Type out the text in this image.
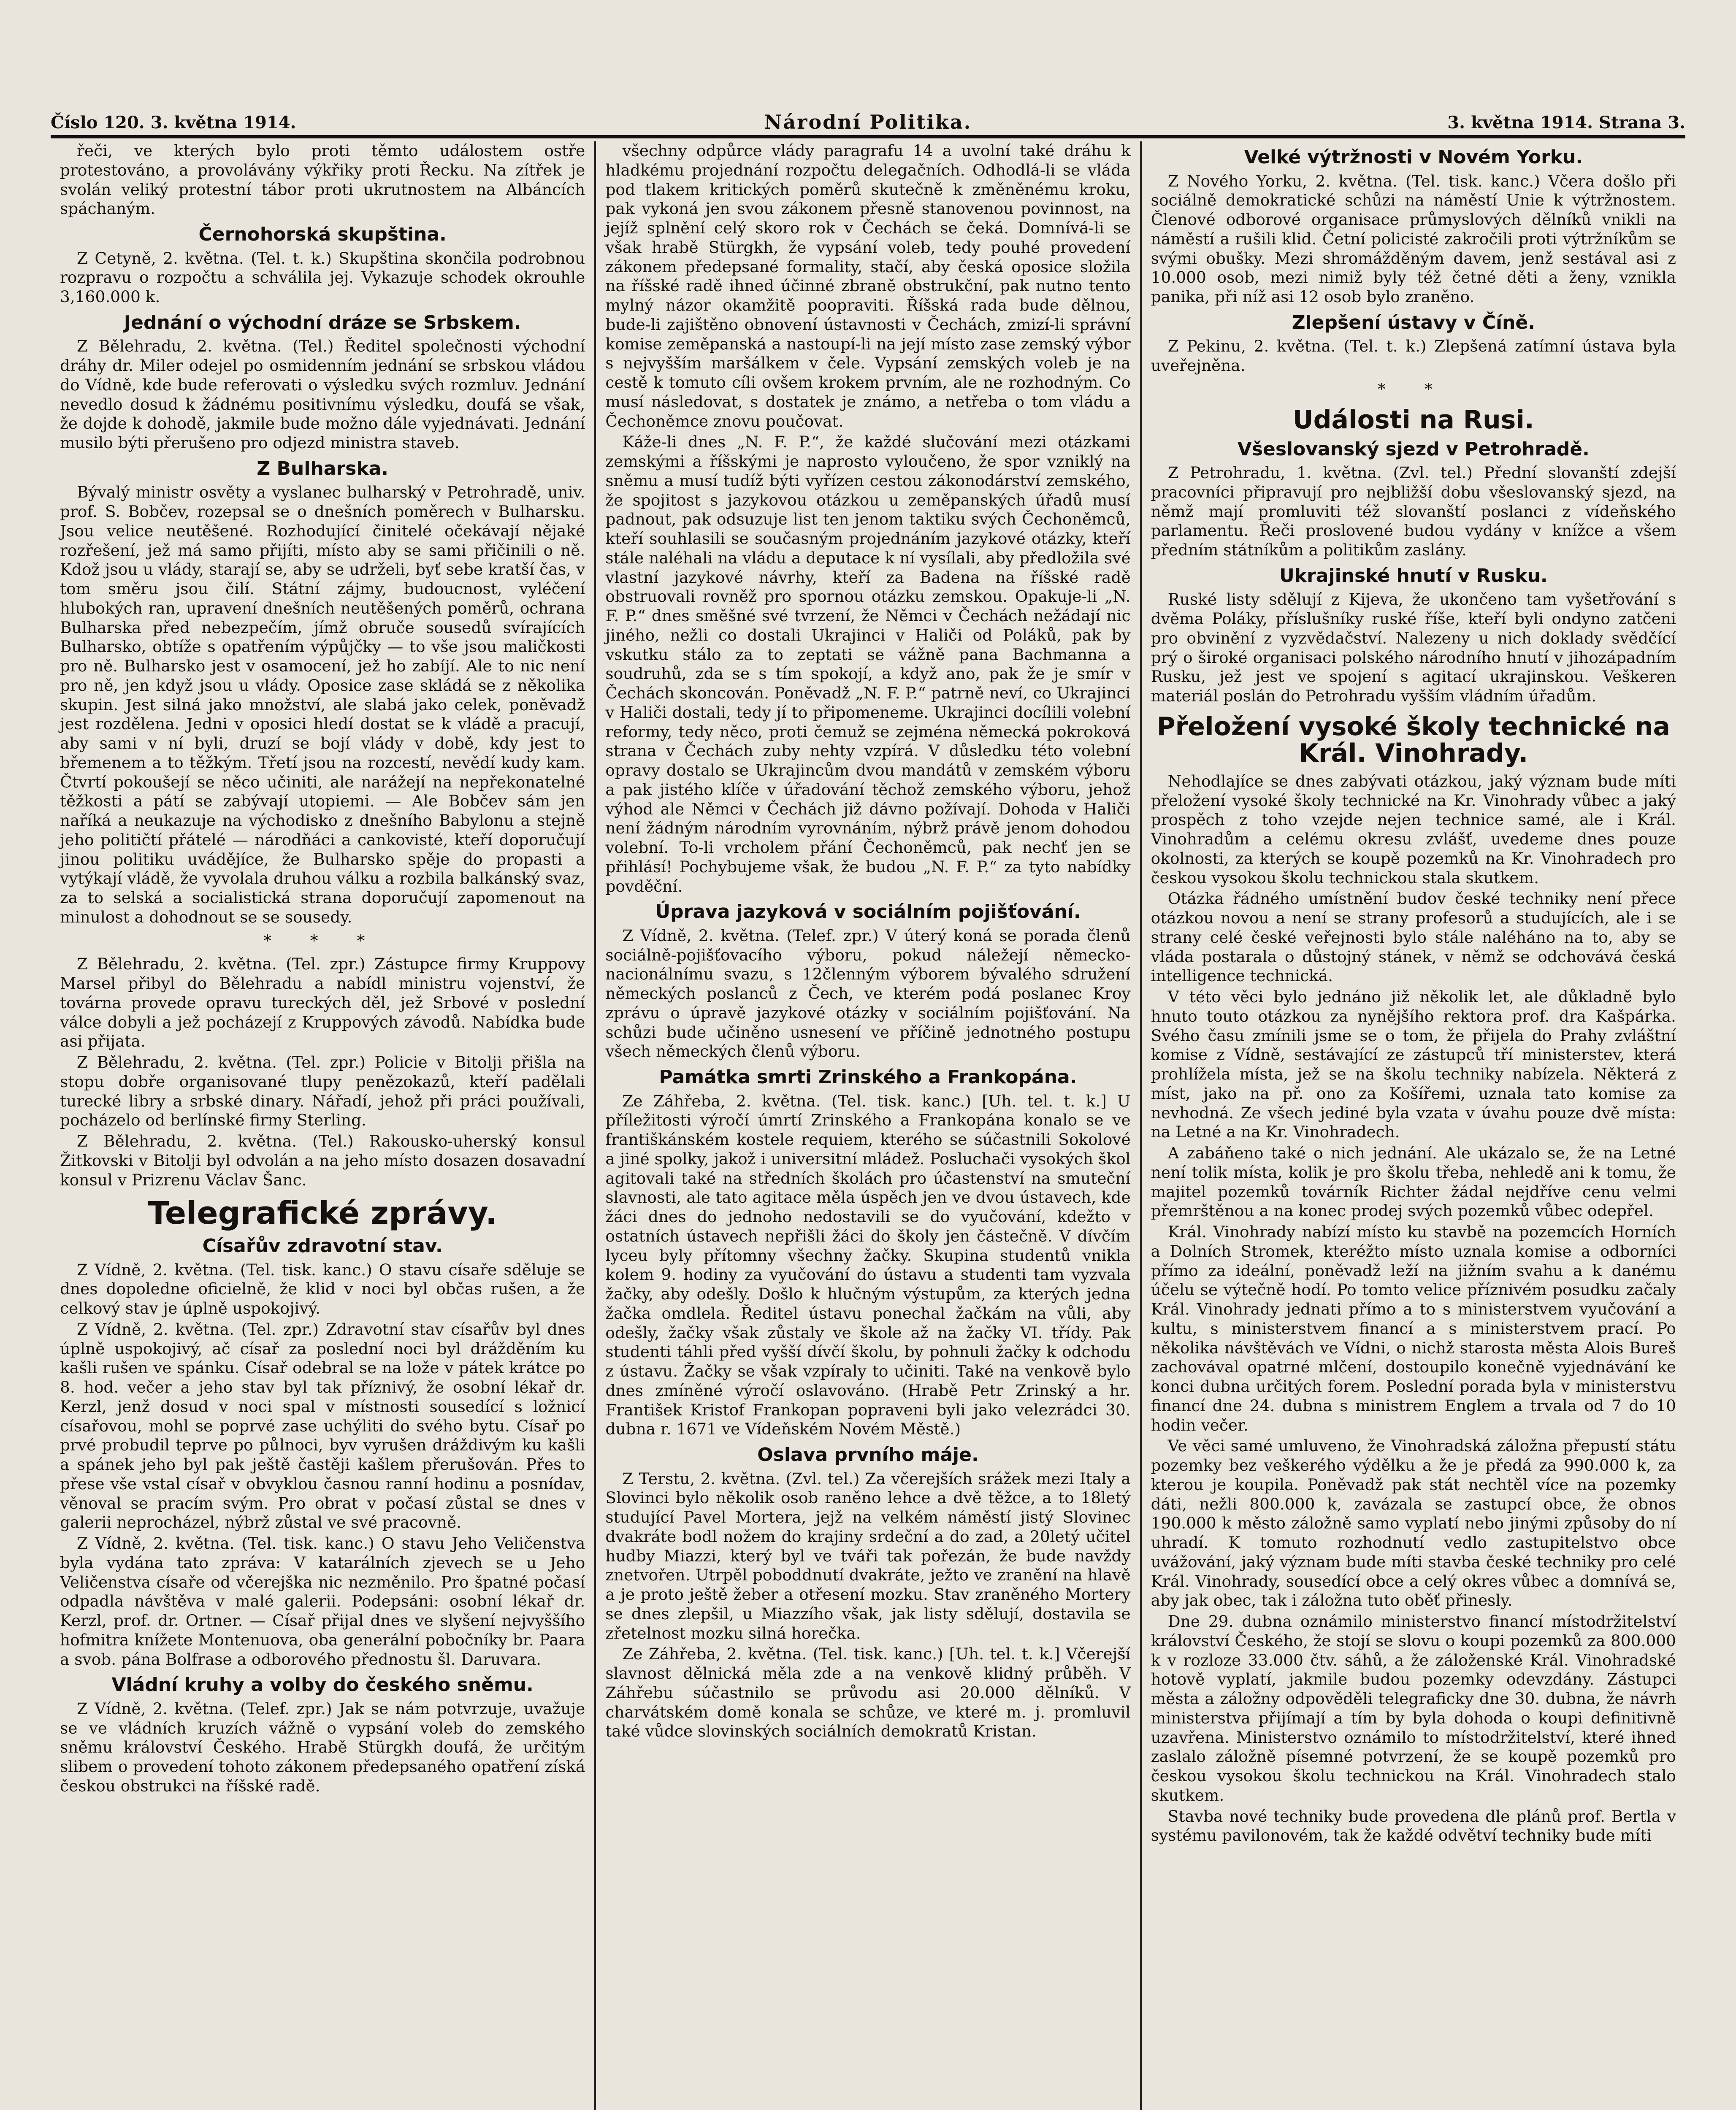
Číslo 120. 3. května 1914.	Národní Politika.	3. května 1914. Strana 3.

řeči, ve kterých bylo proti těmto událostem ostře protestováno, a provolávány výkřiky proti Řecku. Na zítřek je svolán veliký protestní tábor proti ukrutnostem na Albáncích spáchaným.

Černohorská skupština.

Z Cetyně, 2. května. (Tel. t. k.) Skupština skončila podrobnou rozpravu o rozpočtu a schválila jej. Vykazuje schodek okrouhle 3,160.000 k.

Jednání o východní dráze se Srbskem.

Z Bělehradu, 2. května. (Tel.) Ředitel společnosti východní dráhy dr. Miler odejel po osmidenním jednání se srbskou vládou do Vídně, kde bude referovati o výsledku svých rozmluv. Jednání nevedlo dosud k žádnému positivnímu výsledku, doufá se však, že dojde k dohodě, jakmile bude možno dále vyjednávati. Jednání musilo býti přerušeno pro odjezd ministra staveb.

Z Bulharska.

Bývalý ministr osvěty a vyslanec bulharský v Petrohradě, univ. prof. S. Bobčev, rozepsal se o dnešních poměrech v Bulharsku. Jsou velice neutěšené. Rozhodující činitelé očekávají nějaké rozřešení, jež má samo přijíti, místo aby se sami přičinili o ně. Kdož jsou u vlády, starají se, aby se udrželi, byť sebe kratší čas, v tom směru jsou čilí. Státní zájmy, budoucnost, vyléčení hlubokých ran, upravení dnešních neutěšených poměrů, ochrana Bulharska před nebezpečím, jímž obruče sousedů svírajících Bulharsko, obtíže s opatřením výpůjčky — to vše jsou maličkosti pro ně. Bulharsko jest v osamocení, jež ho zabíjí. Ale to nic není pro ně, jen když jsou u vlády. Oposice zase skládá se z několika skupin. Jest silná jako množství, ale slabá jako celek, poněvadž jest rozdělena. Jedni v oposici hledí dostat se k vládě a pracují, aby sami v ní byli, druzí se bojí vlády v době, kdy jest to břemenem a to těžkým. Třetí jsou na rozcestí, nevědí kudy kam. Čtvrtí pokoušejí se něco učiniti, ale narážejí na nepřekonatelné těžkosti a pátí se zabývají utopiemi. — Ale Bobčev sám jen naříká a neukazuje na východisko z dnešního Babylonu a stejně jeho političtí přátelé — národňáci a cankovisté, kteří doporučují jinou politiku uvádějíce, že Bulharsko spěje do propasti a vytýkají vládě, že vyvolala druhou válku a rozbila balkánský svaz, za to selská a socialistická strana doporučují zapomenout na minulost a dohodnout se se sousedy.

* * *

Z Bělehradu, 2. května. (Tel. zpr.) Zástupce firmy Kruppovy Marsel přibyl do Bělehradu a nabídl ministru vojenství, že továrna provede opravu tureckých děl, jež Srbové v poslední válce dobyli a jež pocházejí z Kruppových závodů. Nabídka bude asi přijata.

Z Bělehradu, 2. května. (Tel. zpr.) Policie v Bitolji přišla na stopu dobře organisované tlupy penězokazů, kteří padělali turecké libry a srbské dinary. Nářadí, jehož při práci používali, pocházelo od berlínské firmy Sterling.

Z Bělehradu, 2. května. (Tel.) Rakousko-uherský konsul Žitkovski v Bitolji byl odvolán a na jeho místo dosazen dosavadní konsul v Prizrenu Václav Šanc.

Telegrafické zprávy.
Císařův zdravotní stav.

Z Vídně, 2. května. (Tel. tisk. kanc.) O stavu císaře sděluje se dnes dopoledne oficielně, že klid v noci byl občas rušen, a že celkový stav je úplně uspokojivý.

Z Vídně, 2. května. (Tel. zpr.) Zdravotní stav císařův byl dnes úplně uspokojivý, ač císař za poslední noci byl drážděním ku kašli rušen ve spánku. Císař odebral se na lože v pátek krátce po 8. hod. večer a jeho stav byl tak příznivý, že osobní lékař dr. Kerzl, jenž dosud v noci spal v místnosti sousedící s ložnicí císařovou, mohl se poprvé zase uchýliti do svého bytu. Císař po prvé probudil teprve po půlnoci, byv vyrušen dráždivým ku kašli a spánek jeho byl pak ještě častěji kašlem přerušován. Přes to přese vše vstal císař v obvyklou časnou ranní hodinu a posnídav, věnoval se pracím svým. Pro obrat v počasí zůstal se dnes v galerii neprocházel, nýbrž zůstal ve své pracovně.

Z Vídně, 2. května. (Tel. tisk. kanc.) O stavu Jeho Veličenstva byla vydána tato zpráva: V katarálních zjevech se u Jeho Veličenstva císaře od včerejška nic nezměnilo. Pro špatné počasí odpadla návštěva v malé galerii. Podepsáni: osobní lékař dr. Kerzl, prof. dr. Ortner. — Císař přijal dnes ve slyšení nejvyššího hofmitra knížete Montenuova, oba generální pobočníky br. Paara a svob. pána Bolfrase a odborového přednostu šl. Daruvara.

Vládní kruhy a volby do českého sněmu.

Z Vídně, 2. května. (Telef. zpr.) Jak se nám potvrzuje, uvažuje se ve vládních kruzích vážně o vypsání voleb do zemského sněmu království Českého. Hrabě Stürgkh doufá, že určitým slibem o provedení tohoto zákonem předepsaného opatření získá českou obstrukci na říšské radě.

všechny odpůrce vlády paragrafu 14 a uvolní také dráhu k hladkému projednání rozpočtu delegačních. Odhodlá-li se vláda pod tlakem kritických poměrů skutečně k změněnému kroku, pak vykoná jen svou zákonem přesně stanovenou povinnost, na jejíž splnění celý skoro rok v Čechách se čeká. Domnívá-li se však hrabě Stürgkh, že vypsání voleb, tedy pouhé provedení zákonem předepsané formality, stačí, aby česká oposice složila na říšské radě ihned účinné zbraně obstrukční, pak nutno tento mylný názor okamžitě poopraviti. Říšská rada bude dělnou, bude-li zajištěno obnovení ústavnosti v Čechách, zmizí-li správní komise zeměpanská a nastoupí-li na její místo zase zemský výbor s nejvyšším maršálkem v čele. Vypsání zemských voleb je na cestě k tomuto cíli ovšem krokem prvním, ale ne rozhodným. Co musí následovat, s dostatek je známo, a netřeba o tom vládu a Čechoněmce znovu poučovat.

Káže-li dnes „N. F. P.“, že každé slučování mezi otázkami zemskými a říšskými je naprosto vyloučeno, že spor vzniklý na sněmu a musí tudíž býti vyřízen cestou zákonodárství zemského, že spojitost s jazykovou otázkou u zeměpanských úřadů musí padnout, pak odsuzuje list ten jenom taktiku svých Čechoněmců, kteří souhlasili se současným projednáním jazykové otázky, kteří stále naléhali na vládu a deputace k ní vysílali, aby předložila své vlastní jazykové návrhy, kteří za Badena na říšské radě obstruovali rovněž pro spornou otázku zemskou. Opakuje-li „N. F. P.“ dnes směšné své tvrzení, že Němci v Čechách nežádají nic jiného, nežli co dostali Ukrajinci v Haliči od Poláků, pak by vskutku stálo za to zeptati se vážně pana Bachmanna a soudruhů, zda se s tím spokojí, a když ano, pak že je smír v Čechách skoncován. Poněvadž „N. F. P.“ patrně neví, co Ukrajinci v Haliči dostali, tedy jí to připomeneme. Ukrajinci docílili volební reformy, tedy něco, proti čemuž se zejména německá pokroková strana v Čechách zuby nehty vzpírá. V důsledku této volební opravy dostalo se Ukrajincům dvou mandátů v zemském výboru a pak jistého klíče v úřadování těchož zemského výboru, jehož výhod ale Němci v Čechách již dávno požívají. Dohoda v Haliči není žádným národním vyrovnáním, nýbrž právě jenom dohodou volební. To-li vrcholem přání Čechoněmců, pak nechť jen se přihlásí! Pochybujeme však, že budou „N. F. P.“ za tyto nabídky povděční.

Úprava jazyková v sociálním pojišťování.

Z Vídně, 2. května. (Telef. zpr.) V úterý koná se porada členů sociálně-pojišťovacího výboru, pokud náležejí německo-nacionálnímu svazu, s 12členným výborem bývalého sdružení německých poslanců z Čech, ve kterém podá poslanec Kroy zprávu o úpravě jazykové otázky v sociálním pojišťování. Na schůzi bude učiněno usnesení ve příčině jednotného postupu všech německých členů výboru.

Památka smrti Zrinského a Frankopána.

Ze Záhřeba, 2. května. (Tel. tisk. kanc.) [Uh. tel. t. k.] U příležitosti výročí úmrtí Zrinského a Frankopána konalo se ve františkánském kostele requiem, kterého se súčastnili Sokolové a jiné spolky, jakož i universitní mládež. Posluchači vysokých škol agitovali také na středních školách pro účastenství na smuteční slavnosti, ale tato agitace měla úspěch jen ve dvou ústavech, kde žáci dnes do jednoho nedostavili se do vyučování, kdežto v ostatních ústavech nepřišli žáci do školy jen částečně. V dívčím lyceu byly přítomny všechny žačky. Skupina studentů vnikla kolem 9. hodiny za vyučování do ústavu a studenti tam vyzvala žačky, aby odešly. Došlo k hlučným výstupům, za kterých jedna žačka omdlela. Ředitel ústavu ponechal žačkám na vůli, aby odešly, žačky však zůstaly ve škole až na žačky VI. třídy. Pak studenti táhli před vyšší dívčí školu, by pohnuli žačky k odchodu z ústavu. Žačky se však vzpíraly to učiniti. Také na venkově bylo dnes zmíněné výročí oslavováno. (Hrabě Petr Zrinský a hr. František Kristof Frankopan popraveni byli jako velezrádci 30. dubna r. 1671 ve Vídeňském Novém Městě.)

Oslava prvního máje.

Z Terstu, 2. května. (Zvl. tel.) Za včerejších srážek mezi Italy a Slovinci bylo několik osob raněno lehce a dvě těžce, a to 18letý studující Pavel Mortera, jejž na velkém náměstí jistý Slovinec dvakráte bodl nožem do krajiny srdeční a do zad, a 20letý učitel hudby Miazzi, který byl ve tváři tak pořezán, že bude navždy znetvořen. Utrpěl poboddnutí dvakráte, ježto ve zranění na hlavě a je proto ještě žeber a otřesení mozku. Stav zraněného Mortery se dnes zlepšil, u Miazzího však, jak listy sdělují, dostavila se zřetelnost mozku silná horečka.

Ze Záhřeba, 2. května. (Tel. tisk. kanc.) [Uh. tel. t. k.] Včerejší slavnost dělnická měla zde a na venkově klidný průběh. V Záhřebu súčastnilo se průvodu asi 20.000 dělníků. V charvátském domě konala se schůze, ve které m. j. promluvil také vůdce slovinských sociálních demokratů Kristan.

Velké výtržnosti v Novém Yorku.

Z Nového Yorku, 2. května. (Tel. tisk. kanc.) Včera došlo při sociálně demokratické schůzi na náměstí Unie k výtržnostem. Členové odborové organisace průmyslových dělníků vnikli na náměstí a rušili klid. Četní policisté zakročili proti výtržníkům se svými obušky. Mezi shromážděným davem, jenž sestával asi z 10.000 osob, mezi nimiž byly též četné děti a ženy, vznikla panika, při níž asi 12 osob bylo zraněno.

Zlepšení ústavy v Číně.

Z Pekinu, 2. května. (Tel. t. k.) Zlepšená zatímní ústava byla uveřejněna.

* *
Události na Rusi.
Všeslovanský sjezd v Petrohradě.

Z Petrohradu, 1. května. (Zvl. tel.) Přední slovanští zdejší pracovníci připravují pro nejbližší dobu všeslovanský sjezd, na němž mají promluviti též slovanští poslanci z vídeňského parlamentu. Řeči proslovené budou vydány v knížce a všem předním státníkům a politikům zaslány.

Ukrajinské hnutí v Rusku.

Ruské listy sdělují z Kijeva, že ukončeno tam vyšetřování s dvěma Poláky, příslušníky ruské říše, kteří byli ondyno zatčeni pro obvinění z vyzvědačství. Nalezeny u nich doklady svědčící prý o široké organisaci polského národního hnutí v jihozápadním Rusku, jež jest ve spojení s agitací ukrajinskou. Veškeren materiál poslán do Petrohradu vyšším vládním úřadům.

Přeložení vysoké školy technické na Král. Vinohrady.

Nehodlajíce se dnes zabývati otázkou, jaký význam bude míti přeložení vysoké školy technické na Kr. Vinohrady vůbec a jaký prospěch z toho vzejde nejen technice samé, ale i Král. Vinohradům a celému okresu zvlášť, uvedeme dnes pouze okolnosti, za kterých se koupě pozemků na Kr. Vinohradech pro českou vysokou školu technickou stala skutkem.

Otázka řádného umístnění budov české techniky není přece otázkou novou a není se strany profesorů a studujících, ale i se strany celé české veřejnosti bylo stále naléháno na to, aby se vláda postarala o důstojný stánek, v němž se odchovává česká intelligence technická.

V této věci bylo jednáno již několik let, ale důkladně bylo hnuto touto otázkou za nynějšího rektora prof. dra Kašpárka. Svého času zmínili jsme se o tom, že přijela do Prahy zvláštní komise z Vídně, sestávající ze zástupců tří ministerstev, která prohlížela místa, jež se na školu techniky nabízela. Některá z míst, jako na př. ono za Košířemi, uznala tato komise za nevhodná. Ze všech jediné byla vzata v úvahu pouze dvě místa: na Letné a na Kr. Vinohradech.

A zabáňeno také o nich jednání. Ale ukázalo se, že na Letné není tolik místa, kolik je pro školu třeba, nehledě ani k tomu, že majitel pozemků továrník Richter žádal nejdříve cenu velmi přemrštěnou a na konec prodej svých pozemků vůbec odepřel.

Král. Vinohrady nabízí místo ku stavbě na pozemcích Horních a Dolních Stromek, kteréžto místo uznala komise a odborníci přímo za ideální, poněvadž leží na jižním svahu a k danému účelu se výtečně hodí. Po tomto velice příznivém posudku začaly Král. Vinohrady jednati přímo a to s ministerstvem vyučování a kultu, s ministerstvem financí a s ministerstvem prací. Po několika návštěvách ve Vídni, o nichž starosta města Alois Bureš zachovával opatrné mlčení, dostoupilo konečně vyjednávání ke konci dubna určitých forem. Poslední porada byla v ministerstvu financí dne 24. dubna s ministrem Englem a trvala od 7 do 10 hodin večer.

Ve věci samé umluveno, že Vinohradská záložna přepustí státu pozemky bez veškerého výdělku a že je předá za 990.000 k, za kterou je koupila. Poněvadž pak stát nechtěl více na pozemky dáti, nežli 800.000 k, zavázala se zastupcí obce, že obnos 190.000 k město záložně samo vyplatí nebo jinými způsoby do ní uhradí. K tomuto rozhodnutí vedlo zastupitelstvo obce uvážování, jaký význam bude míti stavba české techniky pro celé Král. Vinohrady, sousedící obce a celý okres vůbec a domnívá se, aby jak obec, tak i záložna tuto oběť přinesly.

Dne 29. dubna oznámilo ministerstvo financí místodržitelství království Českého, že stojí se slovu o koupi pozemků za 800.000 k v rozloze 33.000 čtv. sáhů, a že záloženské Král. Vinohradské hotově vyplatí, jakmile budou pozemky odevzdány. Zástupci města a záložny odpověděli telegraficky dne 30. dubna, že návrh ministerstva přijímají a tím by byla dohoda o koupi definitivně uzavřena. Ministerstvo oznámilo to místodržitelství, které ihned zaslalo záložně písemné potvrzení, že se koupě pozemků pro českou vysokou školu technickou na Král. Vinohradech stalo skutkem.

Stavba nové techniky bude provedena dle plánů prof. Bertla v systému pavilonovém, tak že každé odvětví techniky bude míti
